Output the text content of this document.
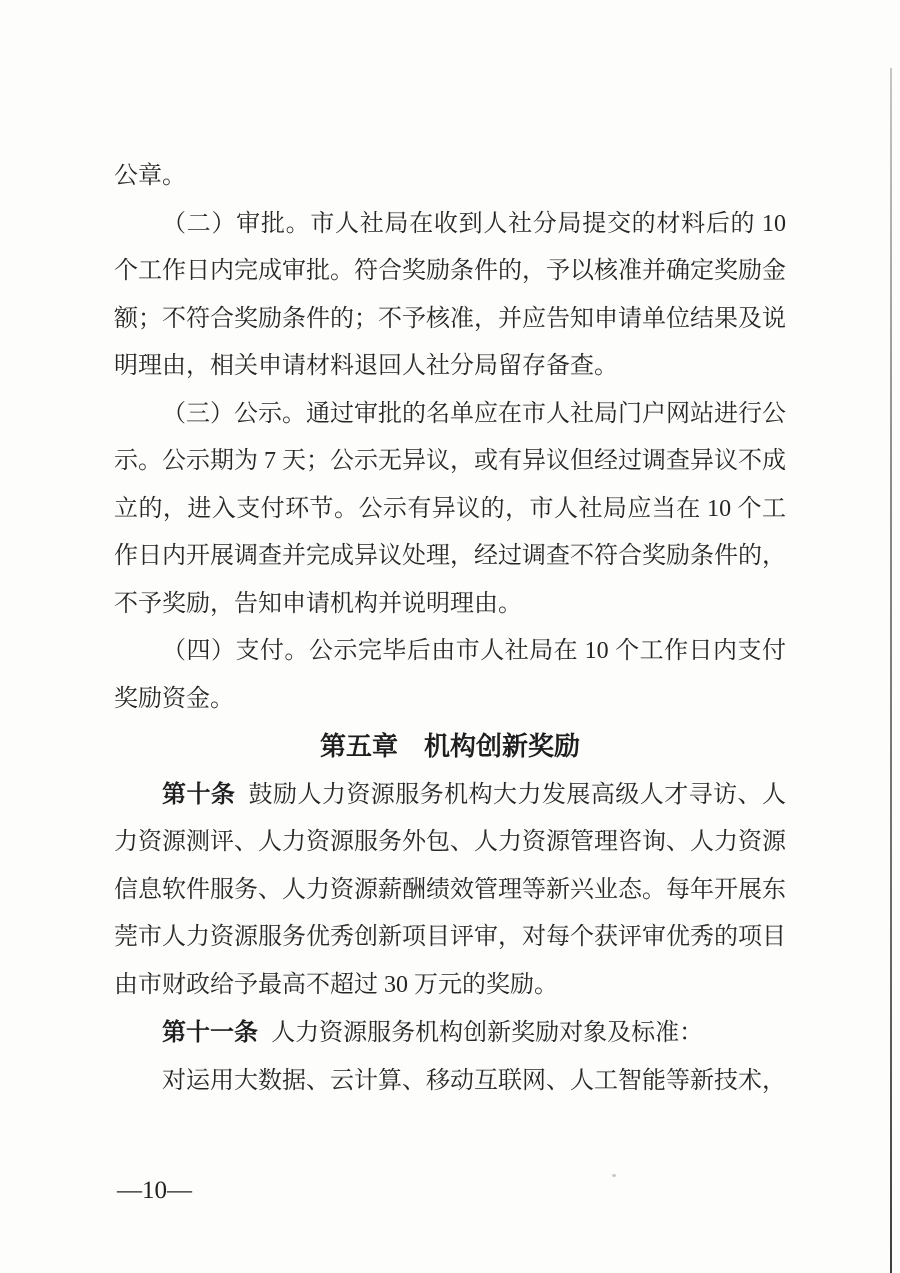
公章。

（二）审批。市人社局在收到人社分局提交的材料后的 10 个工作日内完成审批。符合奖励条件的，予以核准并确定奖励金额；不符合奖励条件的；不予核准，并应告知申请单位结果及说明理由，相关申请材料退回人社分局留存备查。

（三）公示。通过审批的名单应在市人社局门户网站进行公示。公示期为 7 天；公示无异议，或有异议但经过调查异议不成立的，进入支付环节。公示有异议的，市人社局应当在 10 个工作日内开展调查并完成异议处理，经过调查不符合奖励条件的，不予奖励，告知申请机构并说明理由。

（四）支付。公示完毕后由市人社局在 10 个工作日内支付奖励资金。

第五章　机构创新奖励

第十条 鼓励人力资源服务机构大力发展高级人才寻访、人力资源测评、人力资源服务外包、人力资源管理咨询、人力资源信息软件服务、人力资源薪酬绩效管理等新兴业态。每年开展东莞市人力资源服务优秀创新项目评审，对每个获评审优秀的项目由市财政给予最高不超过 30 万元的奖励。

第十一条 人力资源服务机构创新奖励对象及标准：

对运用大数据、云计算、移动互联网、人工智能等新技术，

—10—
